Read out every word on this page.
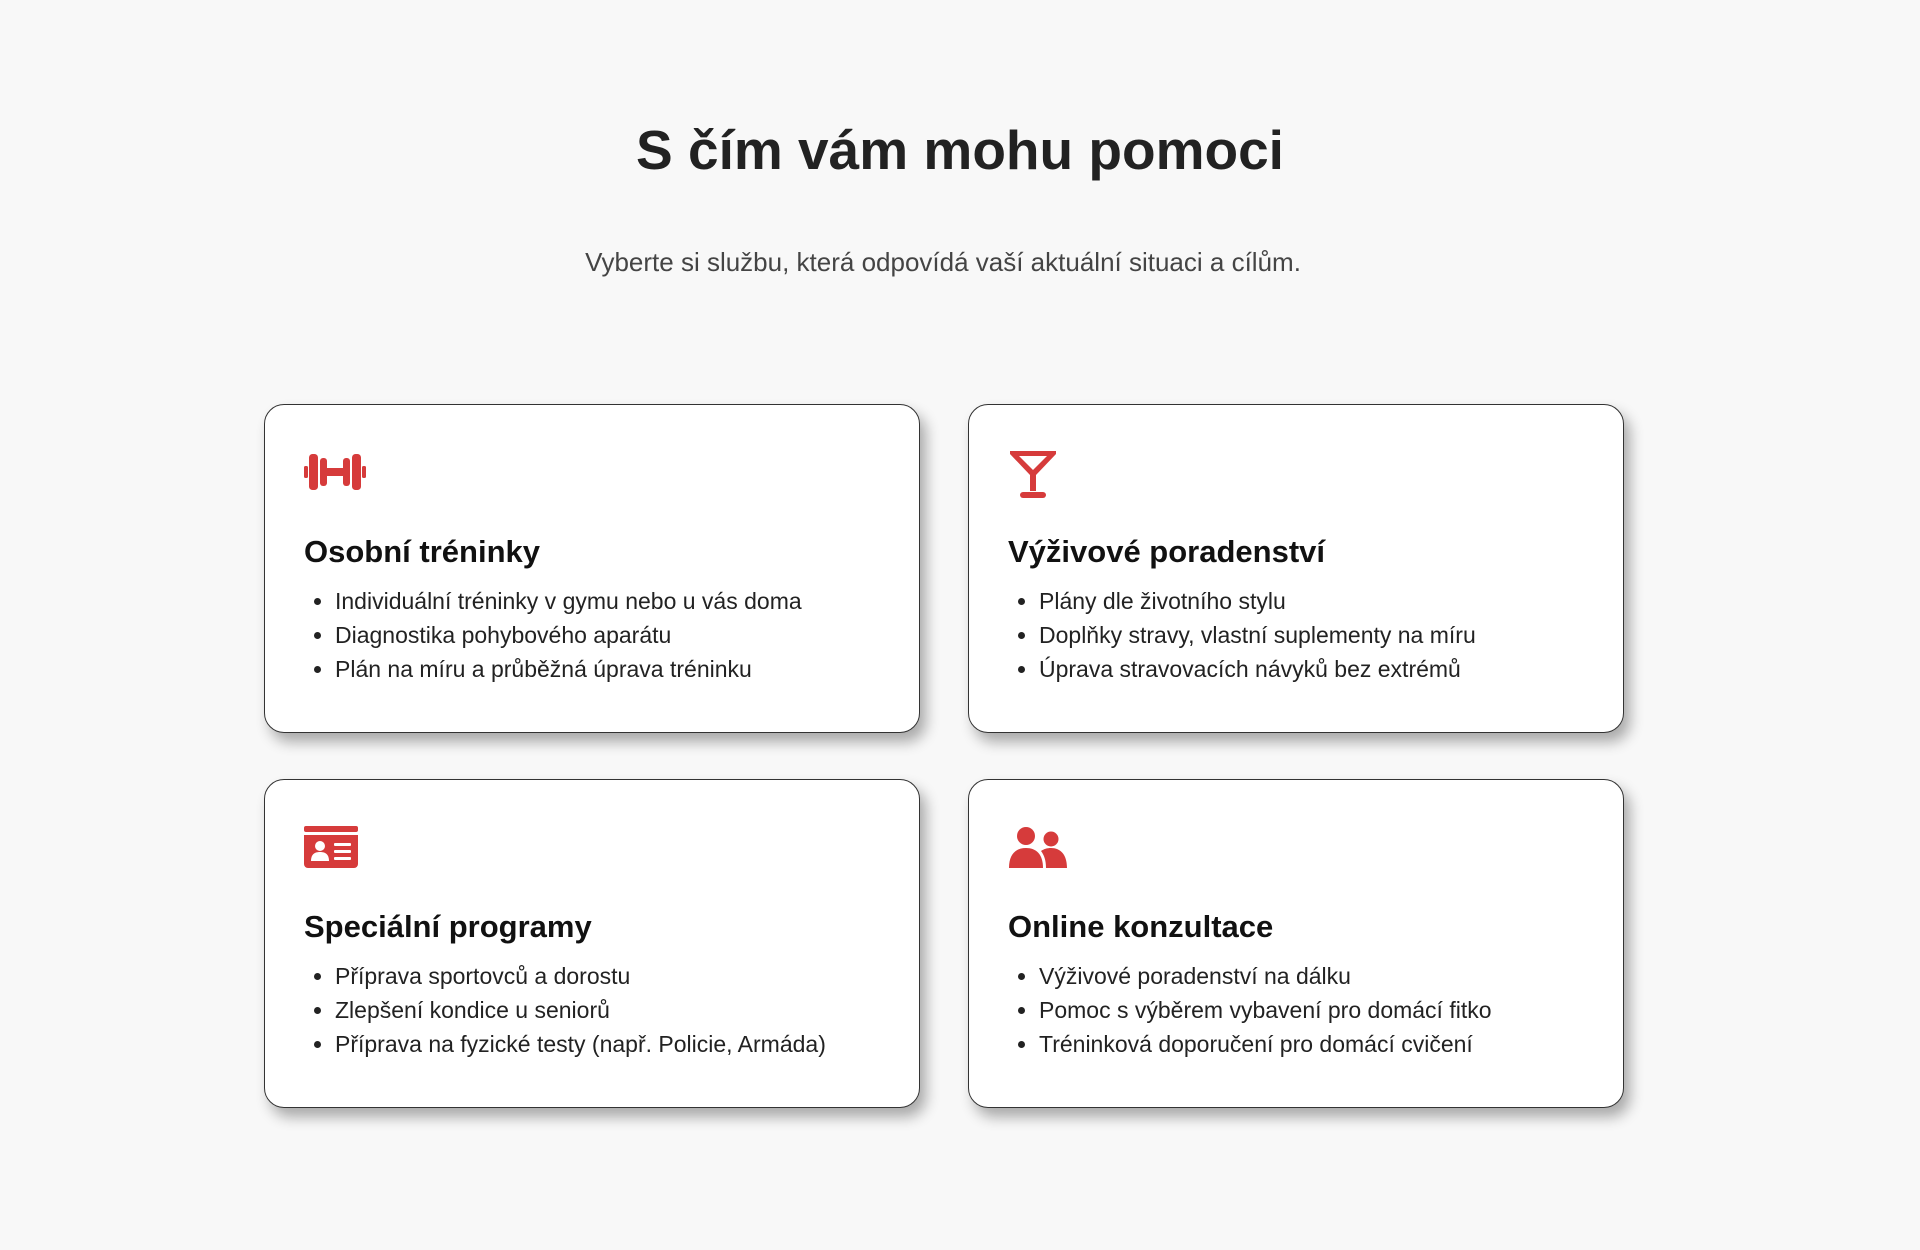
S čím vám mohu pomoci

Vyberte si službu, která odpovídá vaší aktuální situaci a cílům.

Osobní tréninky
• Individuální tréninky v gymu nebo u vás doma
• Diagnostika pohybového aparátu
• Plán na míru a průběžná úprava tréninku
Výživové poradenství
• Plány dle životního stylu
• Doplňky stravy, vlastní suplementy na míru
• Úprava stravovacích návyků bez extrémů
Speciální programy
• Příprava sportovců a dorostu
• Zlepšení kondice u seniorů
• Příprava na fyzické testy (např. Policie, Armáda)
Online konzultace
• Výživové poradenství na dálku
• Pomoc s výběrem vybavení pro domácí fitko
• Tréninková doporučení pro domácí cvičení
